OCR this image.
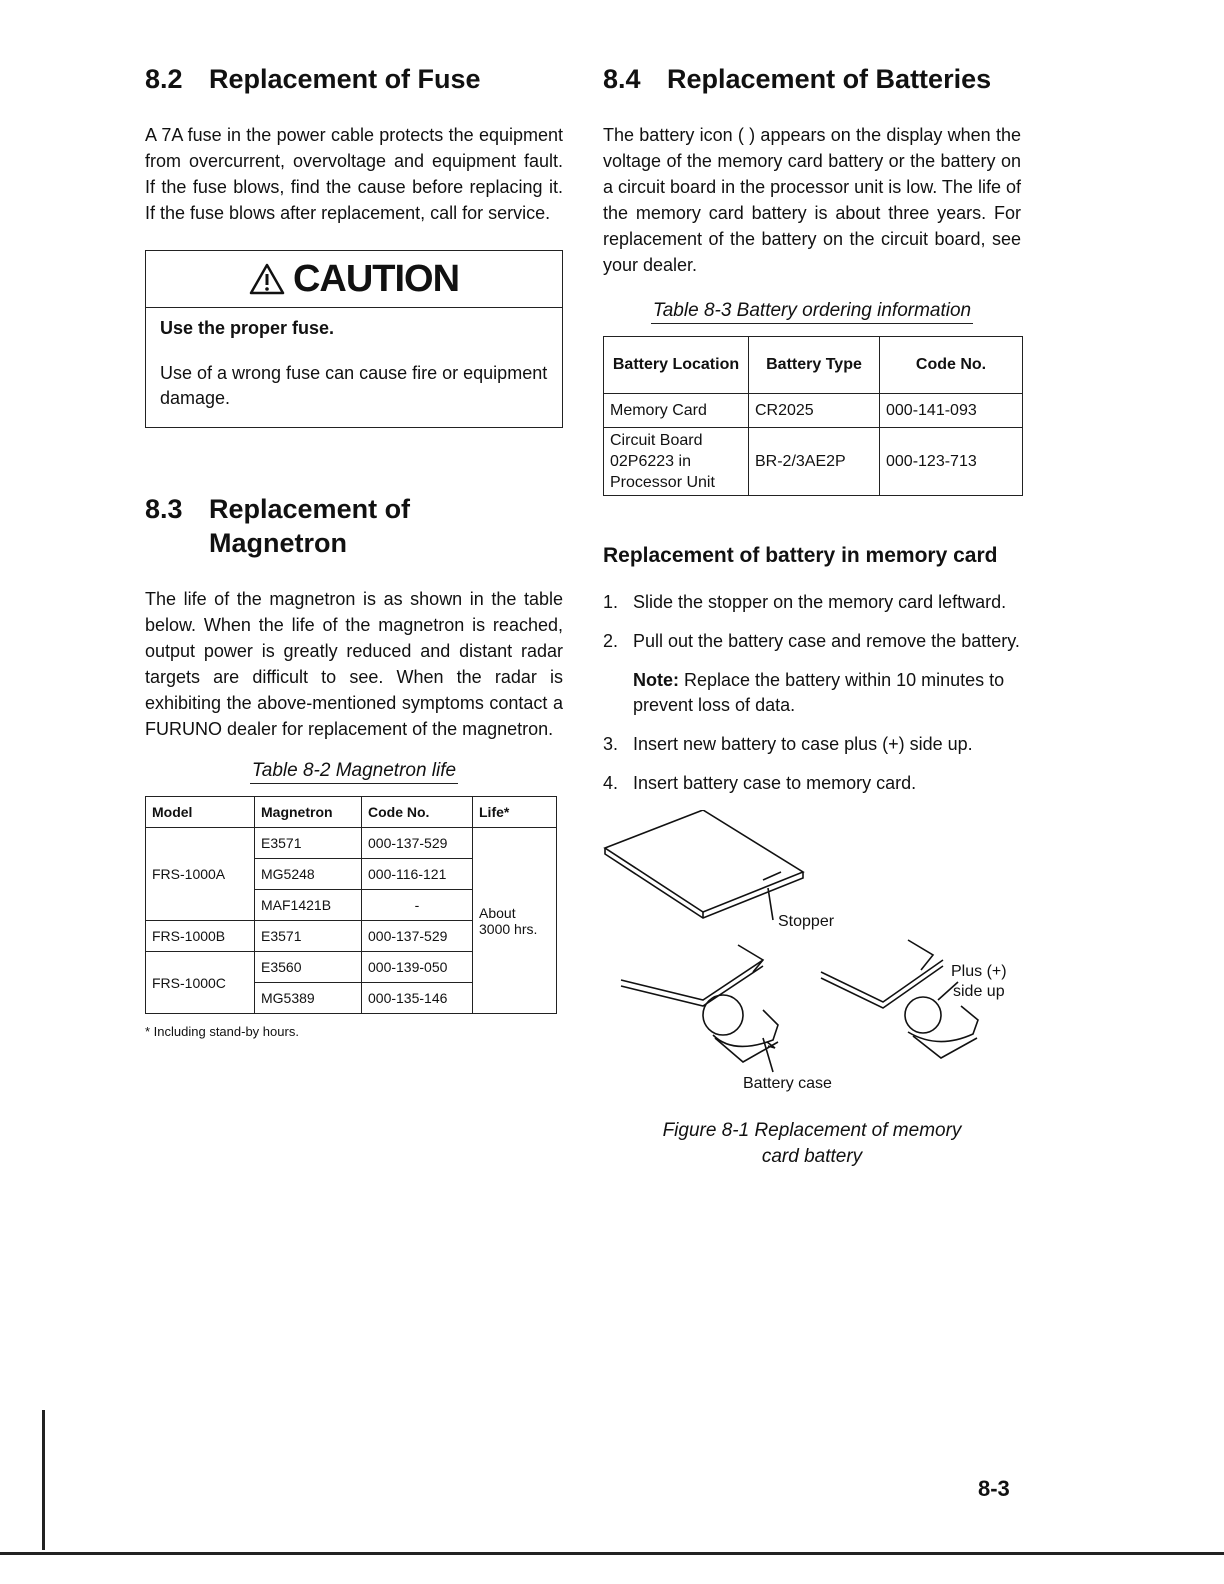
8.2 Replacement of Fuse

A 7A fuse in the power cable protects the equipment from overcurrent, overvoltage and equipment fault. If the fuse blows, find the cause before replacing it. If the fuse blows after replacement, call for service.

CAUTION

Use the proper fuse.

Use of a wrong fuse can cause fire or equipment damage.

8.3 Replacement of
Magnetron

The life of the magnetron is as shown in the table below. When the life of the magnetron is reached, output power is greatly reduced and distant radar targets are difficult to see. When the radar is exhibiting the above-mentioned symptoms contact a FURUNO dealer for replacement of the magnetron.

Table 8-2 Magnetron life

Model	Magnetron	Code No.	Life*
FRS-1000A	E3571	000-137-529	About
3000 hrs.
	MG5248	000-116-121	
	MAF1421B	-	
FRS-1000B	E3571	000-137-529	
FRS-1000C	E3560	000-139-050	
	MG5389	000-135-146	
* Including stand-by hours.
8.4 Replacement of Batteries

The battery icon ( ) appears on the display when the voltage of the memory card battery or the battery on a circuit board in the processor unit is low. The life of the memory card battery is about three years. For replacement of the battery on the circuit board, see your dealer.

Table 8-3 Battery ordering information

Battery Location	Battery Type	Code No.
Memory Card	CR2025	000-141-093
Circuit Board
02P6223 in
Processor Unit	BR-2/3AE2P	000-123-713
Replacement of battery in memory card
1. Slide the stopper on the memory card leftward.
2. Pull out the battery case and remove the battery.

Note: Replace the battery within 10 minutes to prevent loss of data.

3. Insert new battery to case plus (+) side up.
4. Insert battery case to memory card.
Stopper
Plus (+)
side up
Battery case
Figure 8-1 Replacement of memory
card battery
8-3
